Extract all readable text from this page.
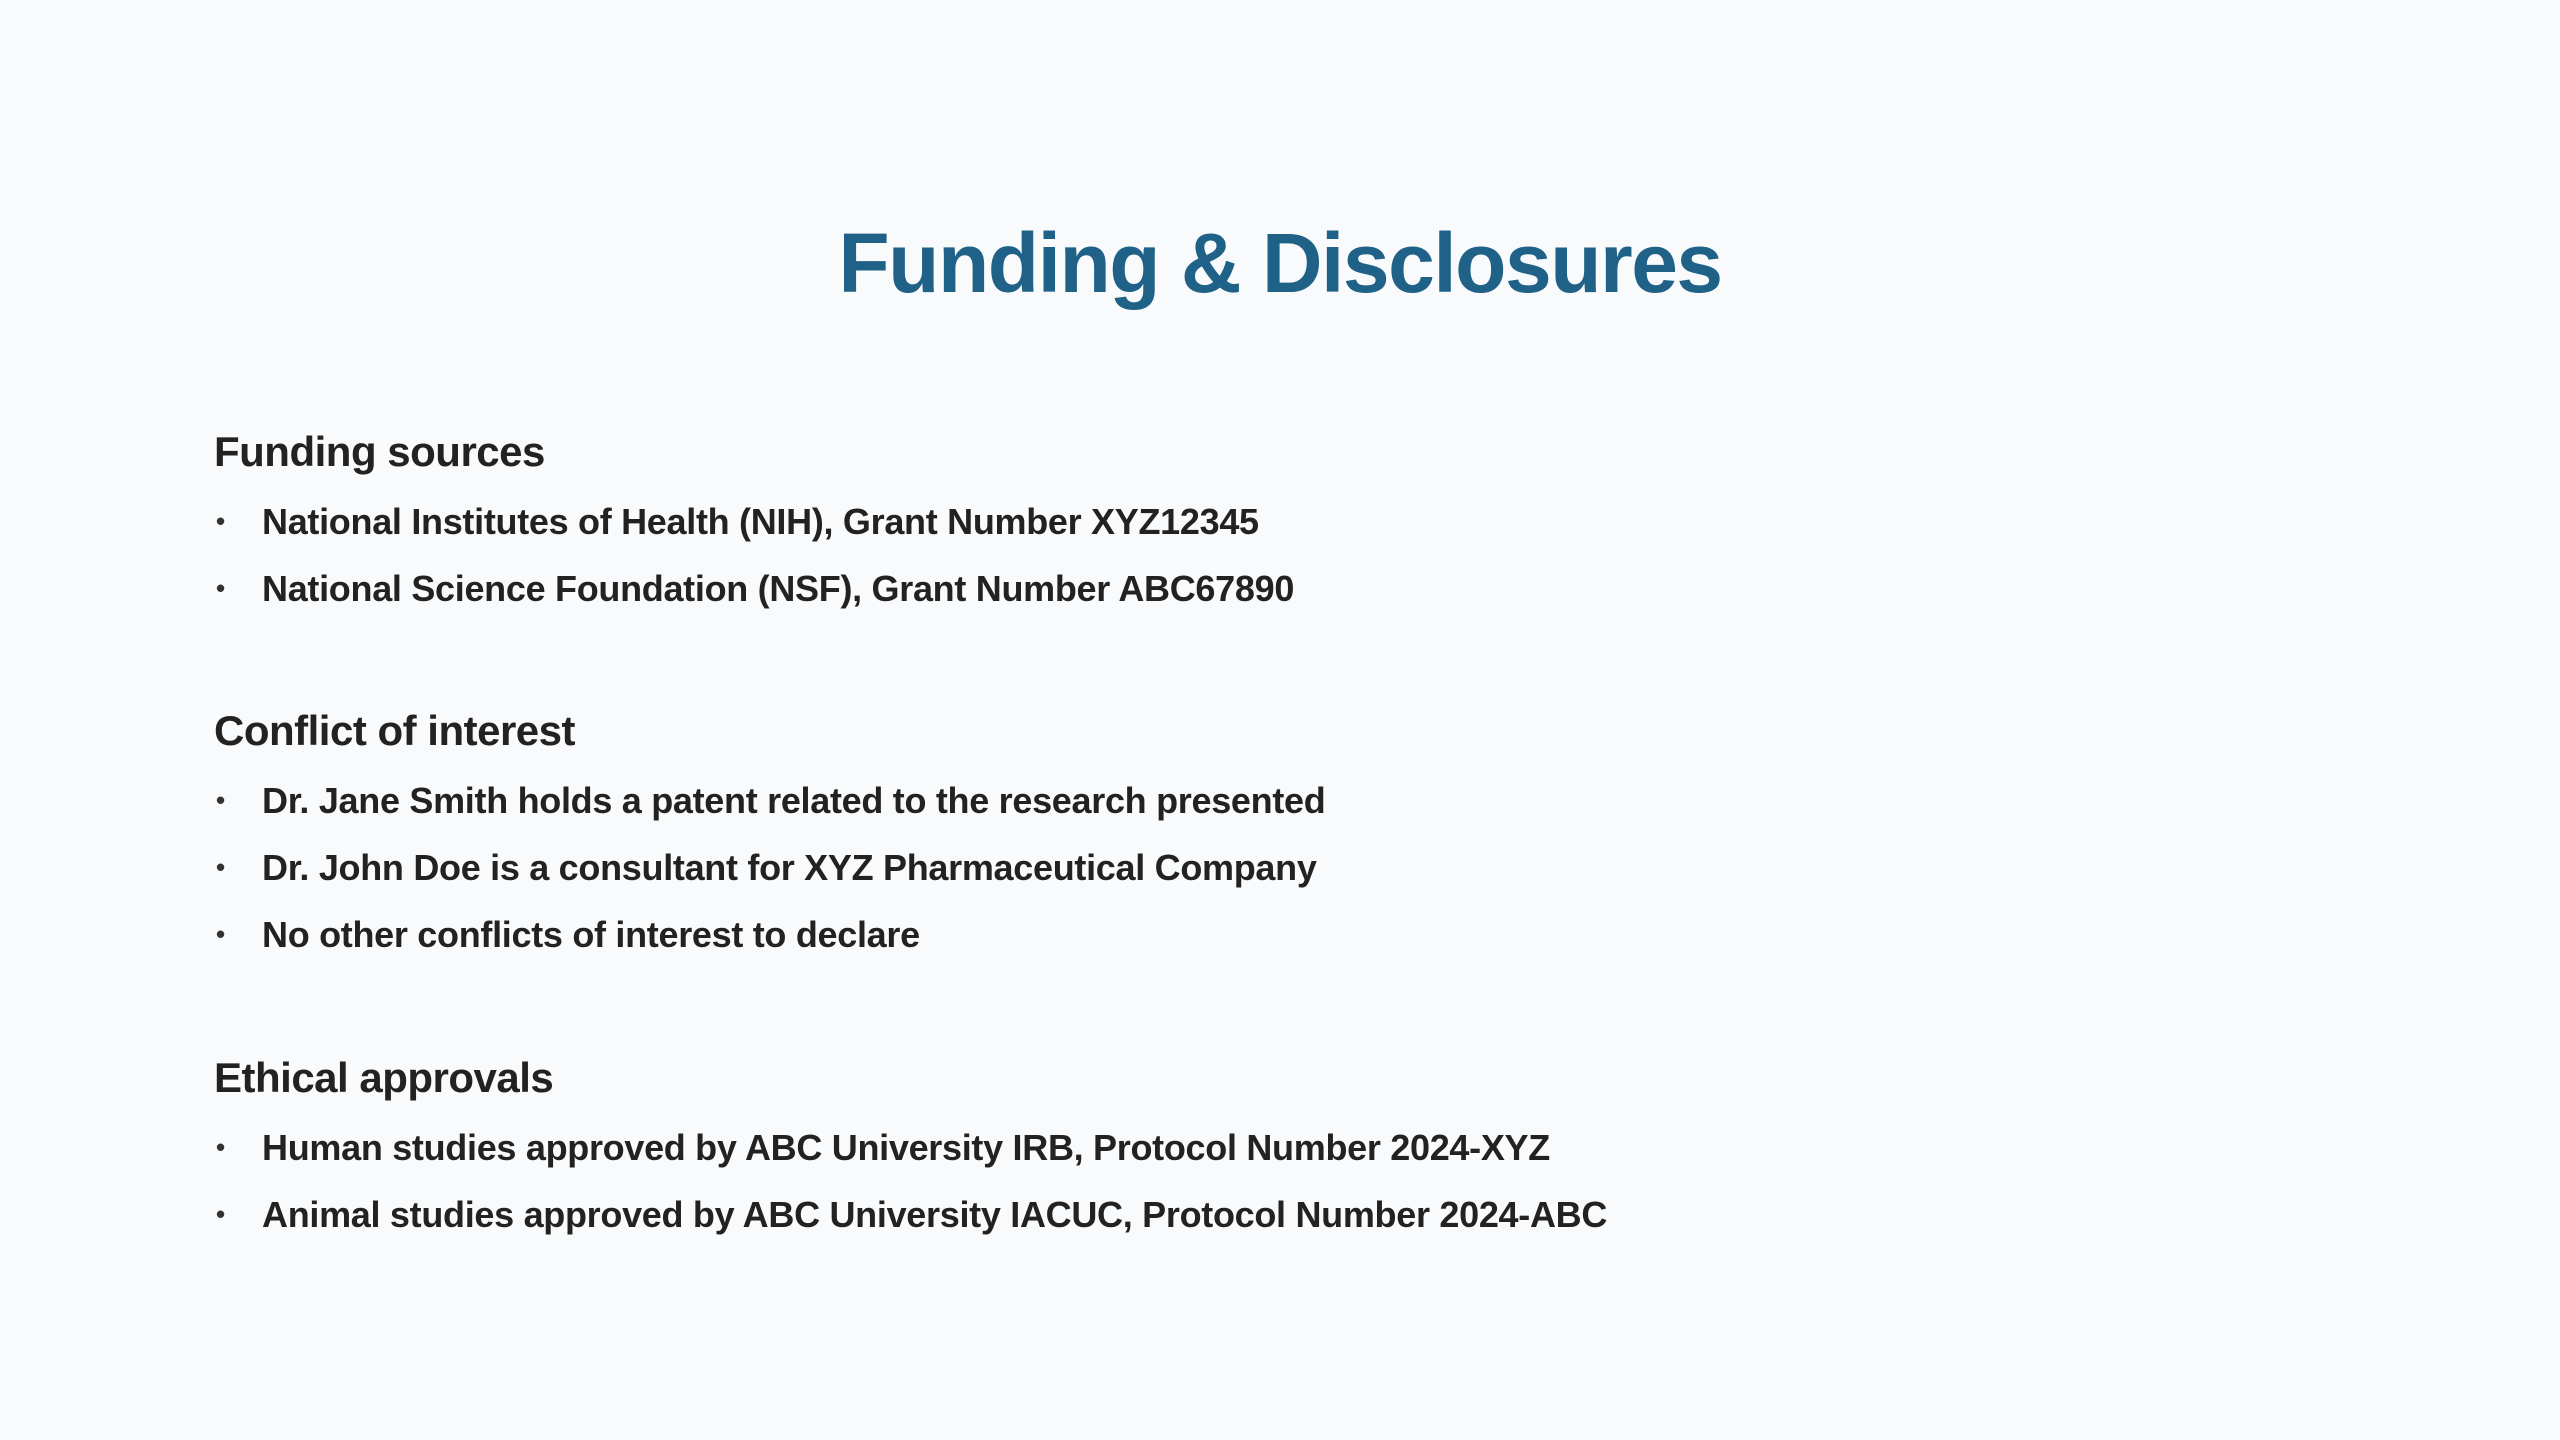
Funding & Disclosures
Funding sources
• National Institutes of Health (NIH), Grant Number XYZ12345
• National Science Foundation (NSF), Grant Number ABC67890
Conflict of interest
• Dr. Jane Smith holds a patent related to the research presented
• Dr. John Doe is a consultant for XYZ Pharmaceutical Company
• No other conflicts of interest to declare
Ethical approvals
• Human studies approved by ABC University IRB, Protocol Number 2024-XYZ
• Animal studies approved by ABC University IACUC, Protocol Number 2024-ABC
